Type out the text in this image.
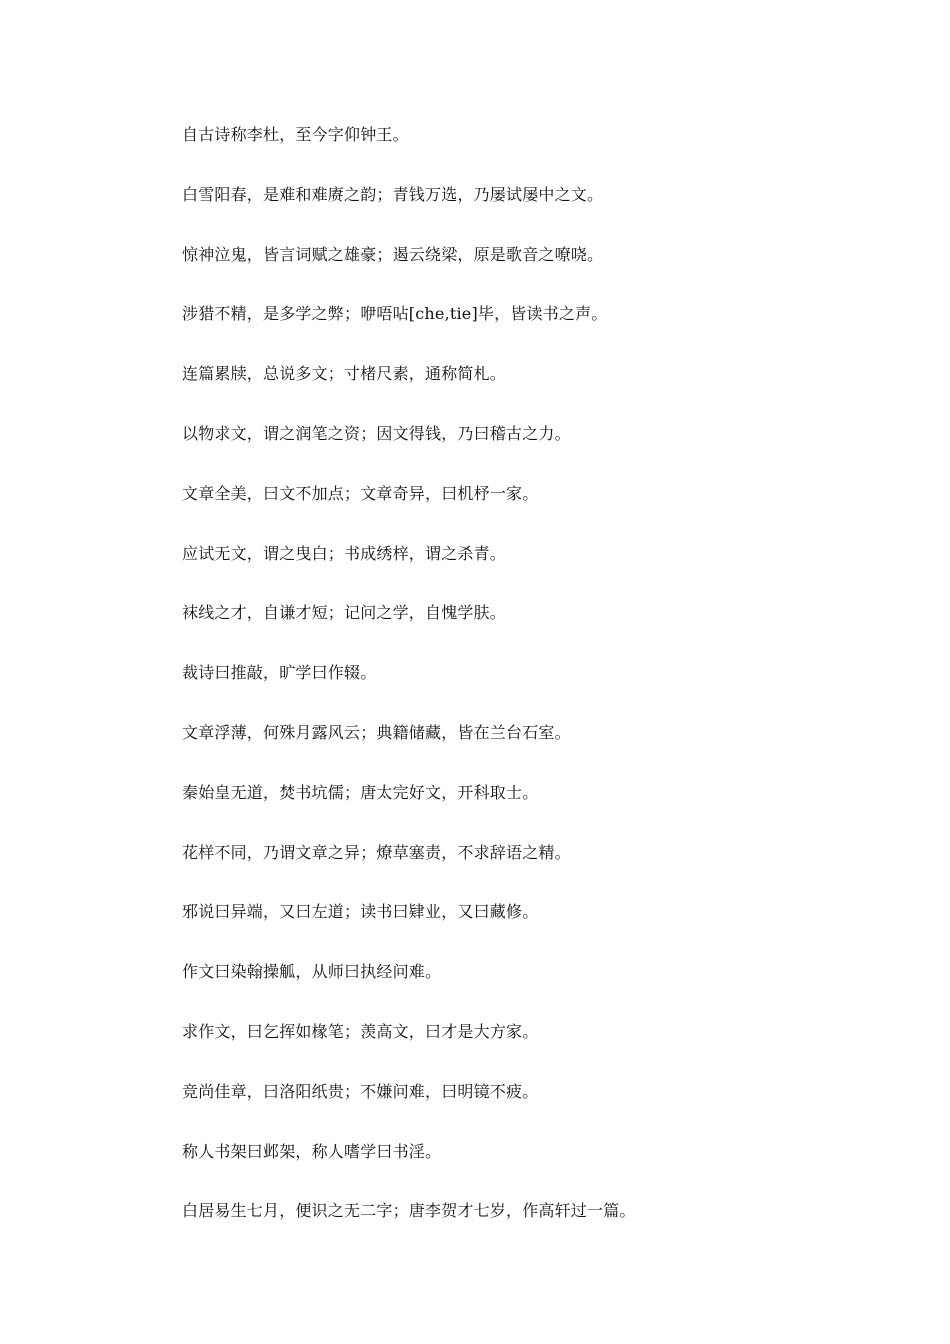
自古诗称李杜，至今字仰钟王。
白雪阳春，是难和难赓之韵；青钱万选，乃屡试屡中之文。
惊神泣鬼，皆言词赋之雄豪；遏云绕梁，原是歌音之嘹哓。
涉猎不精，是多学之弊；咿唔呫[che,tie]毕，皆读书之声。
连篇累牍，总说多文；寸楮尺素，通称简札。
以物求文，谓之润笔之资；因文得钱，乃曰稽古之力。
文章全美，曰文不加点；文章奇异，曰机杼一家。
应试无文，谓之曳白；书成绣梓，谓之杀青。
袜线之才，自谦才短；记问之学，自愧学肤。
裁诗曰推敲，旷学曰作辍。
文章浮薄，何殊月露风云；典籍储藏，皆在兰台石室。
秦始皇无道，焚书坑儒；唐太完好文，开科取士。
花样不同，乃谓文章之异；燎草塞责，不求辞语之精。
邪说曰异端，又曰左道；读书曰肄业，又曰藏修。
作文曰染翰操觚，从师曰执经问难。
求作文，曰乞挥如椽笔；羡高文，曰才是大方家。
竞尚佳章，曰洛阳纸贵；不嫌问难，曰明镜不疲。
称人书架曰邺架，称人嗜学曰书淫。
白居易生七月，便识之无二字；唐李贺才七岁，作高轩过一篇。
